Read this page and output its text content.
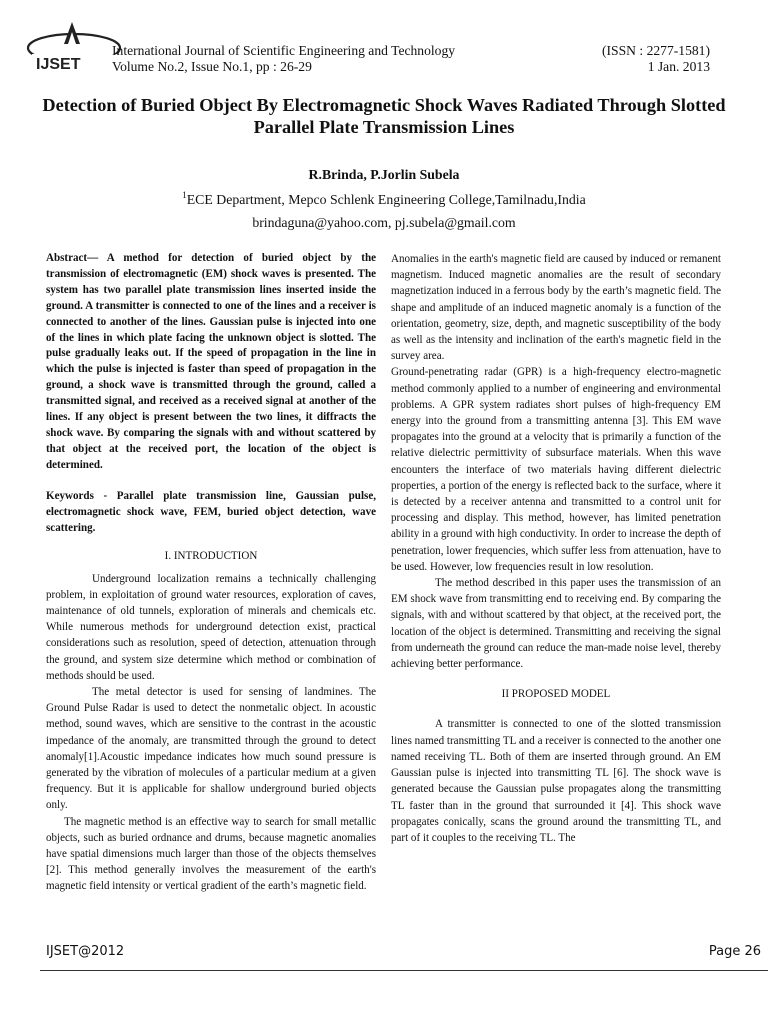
IJSET
International Journal of Scientific Engineering and Technology
Volume No.2, Issue No.1, pp : 26-29
(ISSN : 2277-1581)
1 Jan. 2013
Detection of Buried Object By Electromagnetic Shock Waves Radiated Through Slotted Parallel Plate Transmission Lines
R.Brinda, P.Jorlin Subela
$^1$ECE Department, Mepco Schlenk Engineering College,Tamilnadu,India
brindaguna@yahoo.com, pj.subela@gmail.com

Abstract— A method for detection of buried object by the transmission of electromagnetic (EM) shock waves is presented. The system has two parallel plate transmission lines inserted inside the ground. A transmitter is connected to one of the lines and a receiver is connected to another of the lines. Gaussian pulse is injected into one of the lines in which plate facing the unknown object is slotted. The pulse gradually leaks out. If the speed of propagation in the line in which the pulse is injected is faster than speed of propagation in the ground, a shock wave is transmitted through the ground, called a transmitted signal, and received as a received signal at another of the lines. If any object is present between the two lines, it diffracts the shock wave. By comparing the signals with and without scattered by that object at the received port, the location of the object is determined.

Keywords - Parallel plate transmission line, Gaussian pulse, electromagnetic shock wave, FEM, buried object detection, wave scattering.

I. INTRODUCTION

Underground localization remains a technically challenging problem, in exploitation of ground water resources, exploration of caves, maintenance of old tunnels, exploration of minerals and chemicals etc. While numerous methods for underground detection exist, practical considerations such as resolution, speed of detection, attenuation through the ground, and system size determine which method or combination of methods should be used.

The metal detector is used for sensing of landmines. The Ground Pulse Radar is used to detect the nonmetalic object. In acoustic method, sound waves, which are sensitive to the contrast in the acoustic impedance of the anomaly, are transmitted through the ground to detect anomaly[1].Acoustic impedance indicates how much sound pressure is generated by the vibration of molecules of a particular medium at a given frequency. But it is applicable for shallow underground buried objects only.

The magnetic method is an effective way to search for small metallic objects, such as buried ordnance and drums, because magnetic anomalies have spatial dimensions much larger than those of the objects themselves [2]. This method generally involves the measurement of the earth's magnetic field intensity or vertical gradient of the earth’s magnetic field.

Anomalies in the earth's magnetic field are caused by induced or remanent magnetism. Induced magnetic anomalies are the result of secondary magnetization induced in a ferrous body by the earth’s magnetic field. The shape and amplitude of an induced magnetic anomaly is a function of the orientation, geometry, size, depth, and magnetic susceptibility of the body as well as the intensity and inclination of the earth's magnetic field in the survey area.

Ground-penetrating radar (GPR) is a high-frequency electro-magnetic method commonly applied to a number of engineering and environmental problems. A GPR system radiates short pulses of high-frequency EM energy into the ground from a transmitting antenna [3]. This EM wave propagates into the ground at a velocity that is primarily a function of the relative dielectric permittivity of subsurface materials. When this wave encounters the interface of two materials having different dielectric properties, a portion of the energy is reflected back to the surface, where it is detected by a receiver antenna and transmitted to a control unit for processing and display. This method, however, has limited penetration ability in a ground with high conductivity. In order to increase the depth of penetration, lower frequencies, which suffer less from attenuation, have to be used. However, low frequencies result in low resolution.

The method described in this paper uses the transmission of an EM shock wave from transmitting end to receiving end. By comparing the signals, with and without scattered by that object, at the received port, the location of the object is determined. Transmitting and receiving the signal from underneath the ground can reduce the man-made noise level, thereby achieving better performance.

II PROPOSED MODEL

A transmitter is connected to one of the slotted transmission lines named transmitting TL and a receiver is connected to the another one named receiving TL. Both of them are inserted through ground. An EM Gaussian pulse is injected into transmitting TL [6]. The shock wave is generated because the Gaussian pulse propagates along the transmitting TL faster than in the ground that surrounded it [4]. This shock wave propagates conically, scans the ground around the transmitting TL, and part of it couples to the receiving TL. The

IJSET@2012	Page 26
